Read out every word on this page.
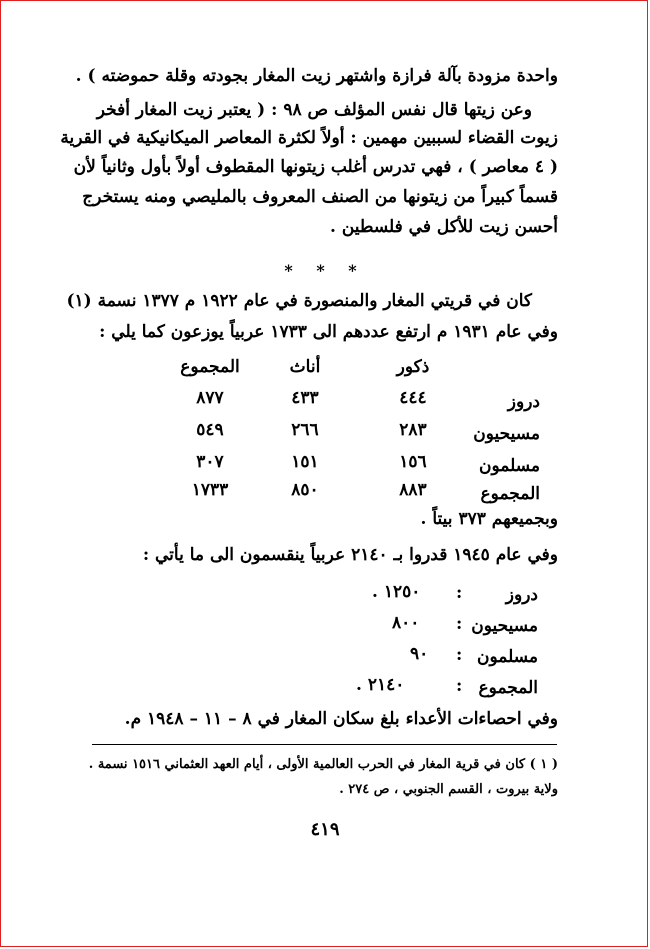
واحدة مزودة بآلة فرازة واشتهر زيت المغار بجودته وقلة حموضته ) .
وعن زيتها قال نفس المؤلف ص ٩٨ : ( يعتبر زيت المغار أفخر
زيوت القضاء لسببين مهمين : أولاً لكثرة المعاصر الميكانيكية في القرية
( ٤ معاصر ) ، فهي تدرس أغلب زيتونها المقطوف أولاً بأول وثانياً لأن
قسماً كبيراً من زيتونها من الصنف المعروف بالمليصي ومنه يستخرج
أحسن زيت للأكل في فلسطين .
* * *
كان في قريتي المغار والمنصورة في عام ١٩٢٢ م ١٣٧٧ نسمة (١)
وفي عام ١٩٣١ م ارتفع عددهم الى ١٧٣٣ عربياً يوزعون كما يلي :
ذكور
أناث
المجموع
دروز
٤٤٤
٤٣٣
٨٧٧
مسيحيون
٢٨٣
٢٦٦
٥٤٩
مسلمون
١٥٦
١٥١
٣٠٧
المجموع
٨٨٣
٨٥٠
١٧٣٣
وبجميعهم ٣٧٣ بيتاً .
وفي عام ١٩٤٥ قدروا بـ ٢١٤٠ عربياً ينقسمون الى ما يأتي :
دروز
:
١٢٥٠ .
مسيحيون
:
٨٠٠
مسلمون
:
٩٠
المجموع
:
٢١٤٠ .
وفي احصاءات الأعداء بلغ سكان المغار في ٨ – ١١ – ١٩٤٨ م.
( ١ ) كان في قرية المغار في الحرب العالمية الأولى ، أيام العهد العثماني ١٥١٦ نسمة .
ولاية بيروت ، القسم الجنوبي ، ص ٢٧٤ .
٤١٩
